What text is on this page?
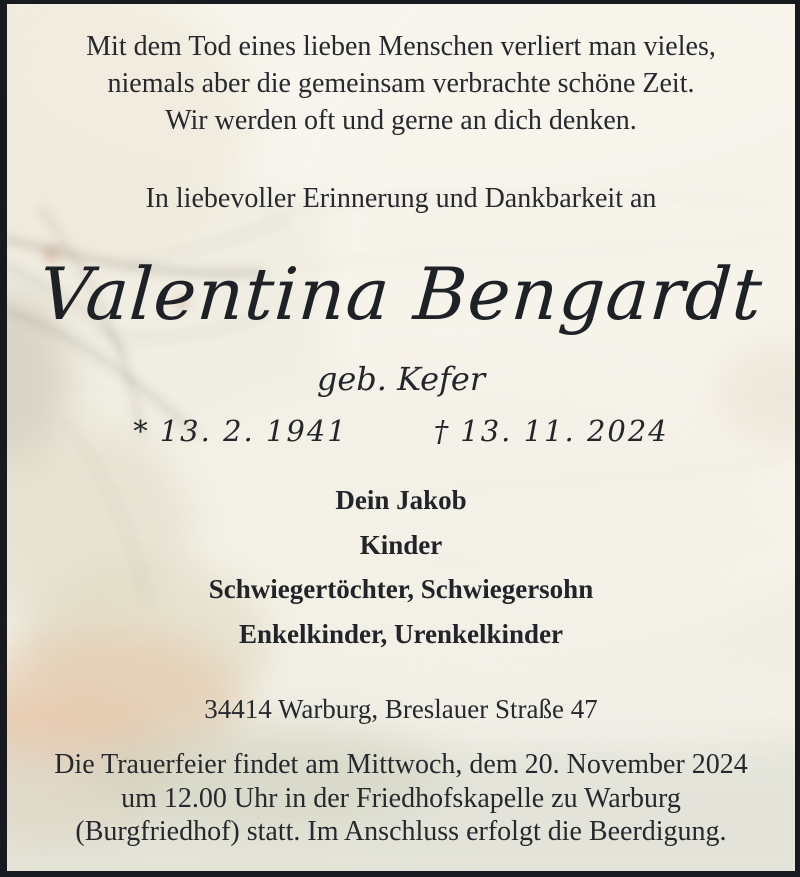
Mit dem Tod eines lieben Menschen verliert man vieles,
niemals aber die gemeinsam verbrachte schöne Zeit.
Wir werden oft und gerne an dich denken.
In liebevoller Erinnerung und Dankbarkeit an
Valentina Bengardt
geb. Kefer
* 13. 2. 1941	† 13. 11. 2024
Dein Jakob
Kinder
Schwiegertöchter, Schwiegersohn
Enkelkinder, Urenkelkinder
34414 Warburg, Breslauer Straße 47
Die Trauerfeier findet am Mittwoch, dem 20. November 2024
um 12.00 Uhr in der Friedhofskapelle zu Warburg
(Burgfriedhof) statt. Im Anschluss erfolgt die Beerdigung.
